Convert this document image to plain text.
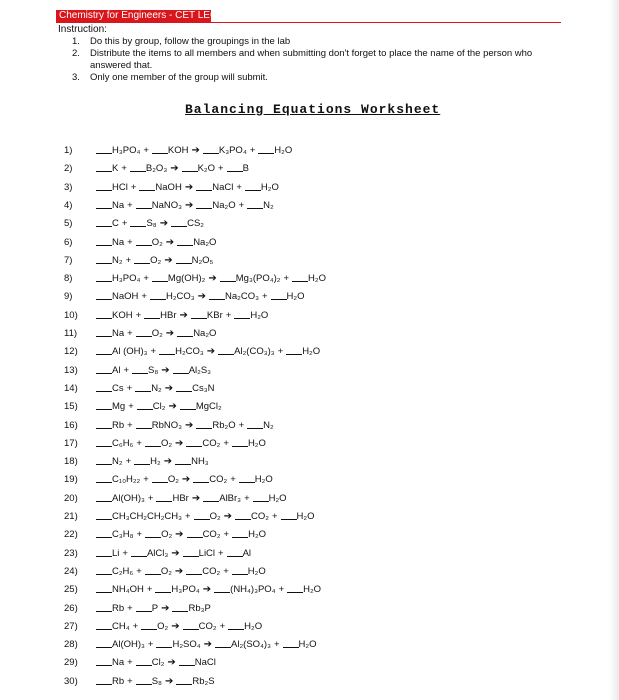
Chemistry for Engineers - CET LEC
Instruction:
1. Do this by group, follow the groupings in the lab
2. Distribute the items to all members and when submitting don't forget to place the name of the person who answered that.
3. Only one member of the group will submit.
Balancing Equations Worksheet
1)	H₃PO₄ + KOH ➔ K₃PO₄ + H₂O
2)	K + B₂O₃ ➔ K₂O + B
3)	HCl + NaOH ➔ NaCl + H₂O
4)	Na + NaNO₃ ➔ Na₂O + N₂
5)	C + S₈ ➔ CS₂
6)	Na + O₂ ➔ Na₂O
7)	N₂ + O₂ ➔ N₂O₅
8)	H₃PO₄ + Mg(OH)₂ ➔ Mg₃(PO₄)₂ + H₂O
9)	NaOH + H₂CO₃ ➔ Na₂CO₃ + H₂O
10)	KOH + HBr ➔ KBr + H₂O
11)	Na + O₂ ➔ Na₂O
12)	Al (OH)₃ + H₂CO₃ ➔ Al₂(CO₃)₃ + H₂O
13)	Al + S₈ ➔ Al₂S₃
14)	Cs + N₂ ➔ Cs₃N
15)	Mg + Cl₂ ➔ MgCl₂
16)	Rb + RbNO₃ ➔ Rb₂O + N₂
17)	C₆H₆ + O₂ ➔ CO₂ + H₂O
18)	N₂ + H₂ ➔ NH₃
19)	C₁₀H₂₂ + O₂ ➔ CO₂ + H₂O
20)	Al(OH)₃ + HBr ➔ AlBr₃ + H₂O
21)	CH₃CH₂CH₂CH₃ + O₂ ➔ CO₂ + H₂O
22)	C₃H₈ + O₂ ➔ CO₂ + H₂O
23)	Li + AlCl₃ ➔ LiCl + Al
24)	C₂H₆ + O₂ ➔ CO₂ + H₂O
25)	NH₄OH + H₃PO₄ ➔ (NH₄)₃PO₄ + H₂O
26)	Rb + P ➔ Rb₃P
27)	CH₄ + O₂ ➔ CO₂ + H₂O
28)	Al(OH)₃ + H₂SO₄ ➔ Al₂(SO₄)₃ + H₂O
29)	Na + Cl₂ ➔ NaCl
30)	Rb + S₈ ➔ Rb₂S
